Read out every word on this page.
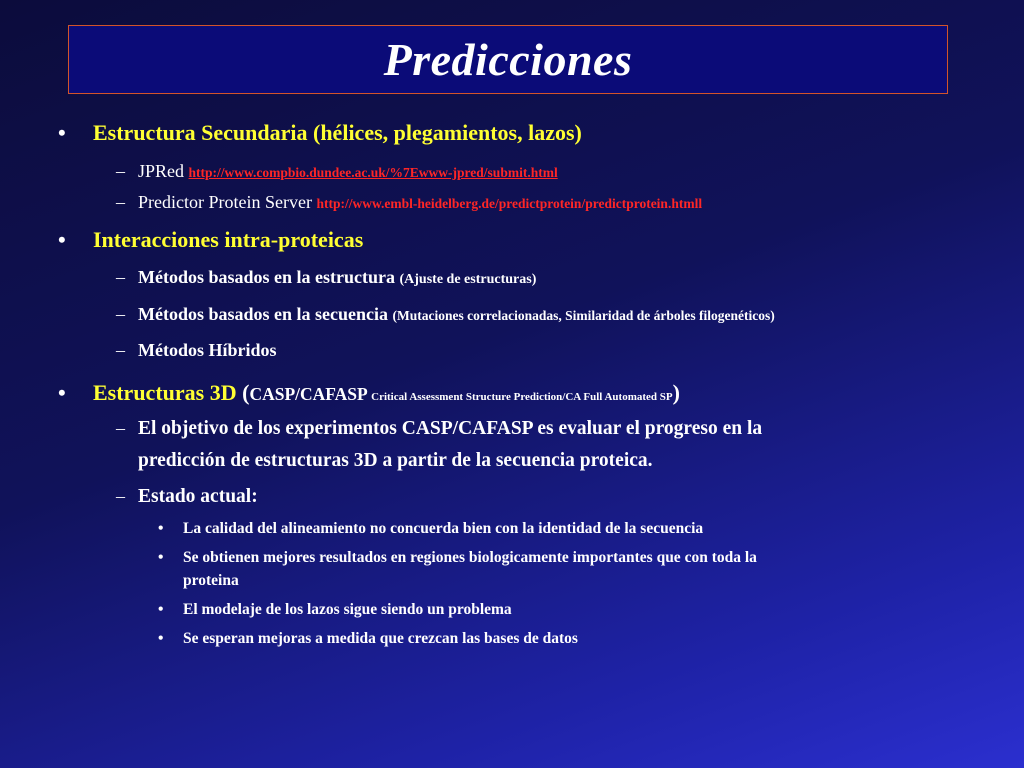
Predicciones
• Estructura Secundaria (hélices, plegamientos, lazos)
– JPRed http://www.compbio.dundee.ac.uk/%7Ewww-jpred/submit.html
– Predictor Protein Server http://www.embl-heidelberg.de/predictprotein/predictprotein.htmll
• Interacciones intra-proteicas
– Métodos basados en la estructura (Ajuste de estructuras)
– Métodos basados en la secuencia (Mutaciones correlacionadas, Similaridad de árboles filogenéticos)
– Métodos Híbridos
• Estructuras 3D (CASP/CAFASP Critical Assessment Structure Prediction/CA Full Automated SP)
– El objetivo de los experimentos CASP/CAFASP es evaluar el progreso en la
predicción de estructuras 3D a partir de la secuencia proteica.
– Estado actual:
• La calidad del alineamiento no concuerda bien con la identidad de la secuencia
• Se obtienen mejores resultados en regiones biologicamente importantes que con toda la
proteina
• El modelaje de los lazos sigue siendo un problema
• Se esperan mejoras a medida que crezcan las bases de datos
